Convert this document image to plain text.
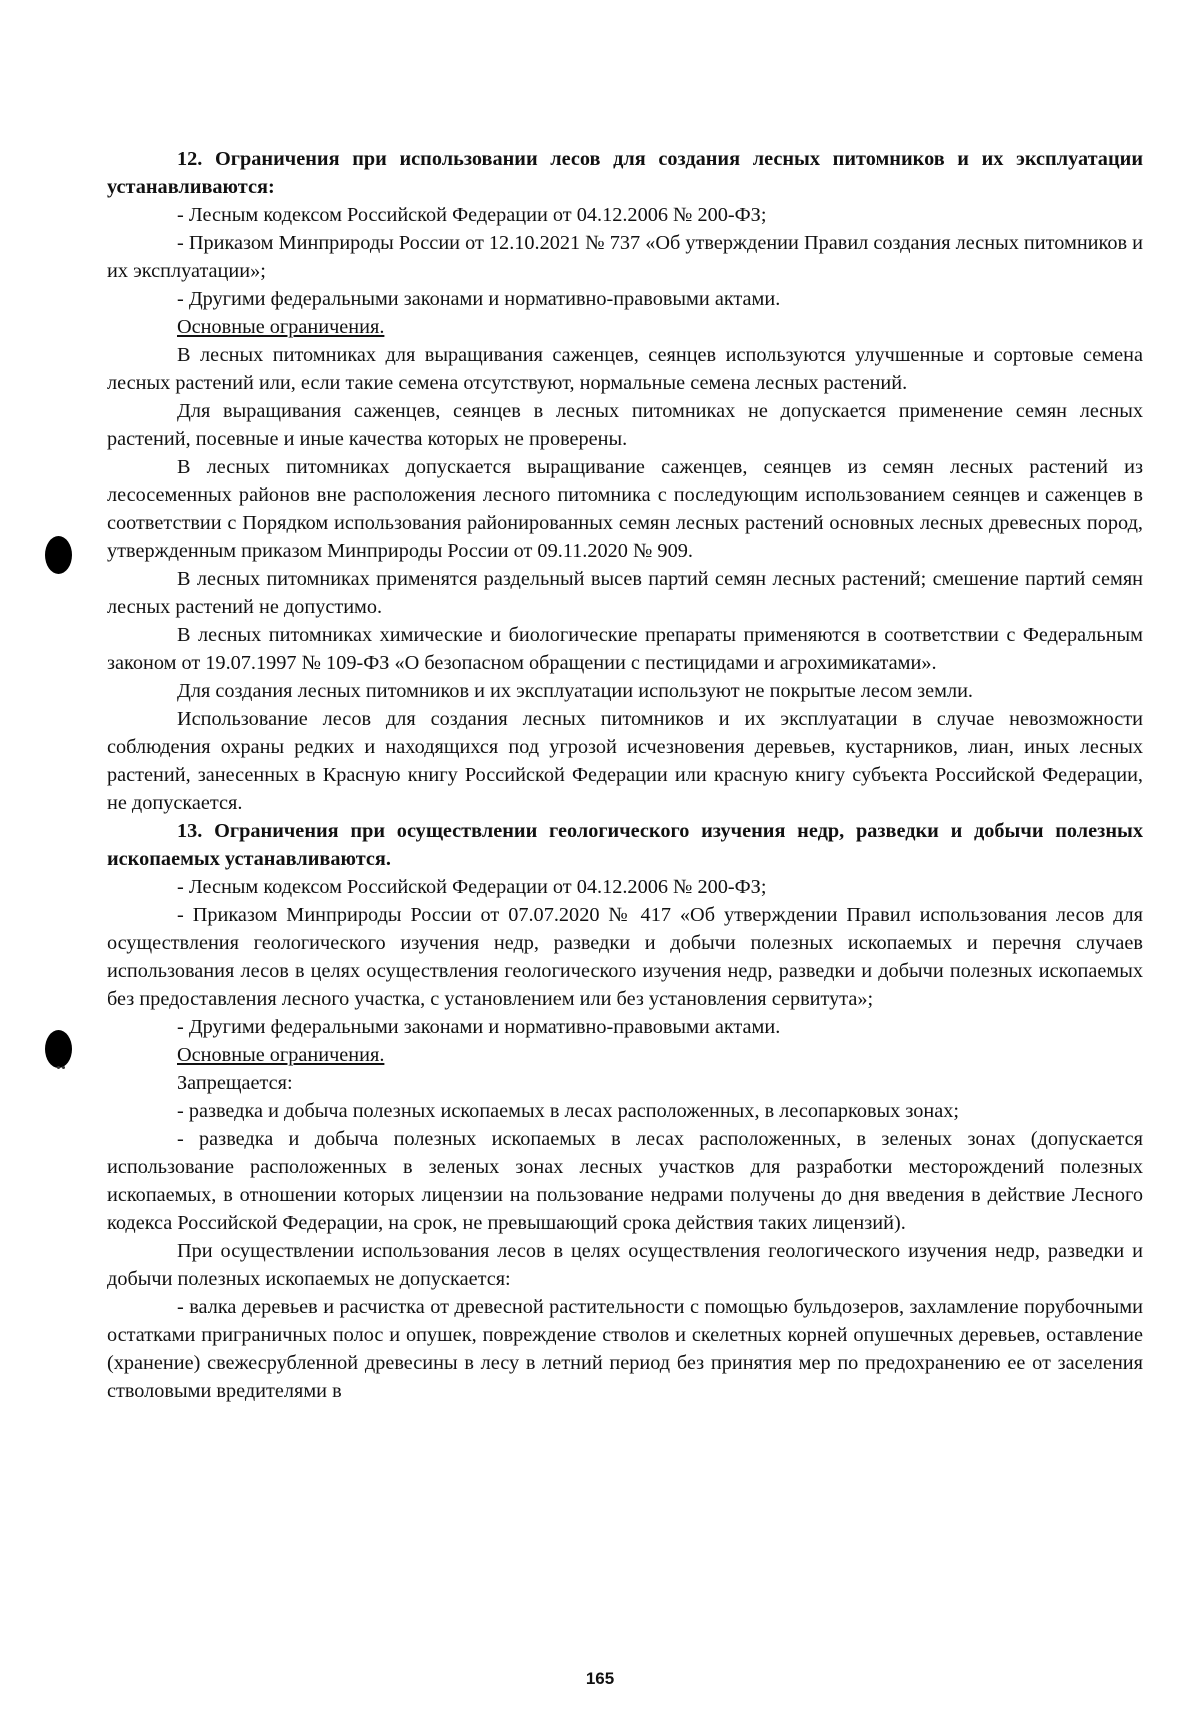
12. Ограничения при использовании лесов для создания лесных питомников и их эксплуатации устанавливаются:

- Лесным кодексом Российской Федерации от 04.12.2006 № 200-ФЗ;

- Приказом Минприроды России от 12.10.2021 № 737 «Об утверждении Правил создания лесных питомников и их эксплуатации»;

- Другими федеральными законами и нормативно-правовыми актами.

Основные ограничения.

В лесных питомниках для выращивания саженцев, сеянцев используются улучшенные и сортовые семена лесных растений или, если такие семена отсутствуют, нормальные семена лесных растений.

Для выращивания саженцев, сеянцев в лесных питомниках не допускается применение семян лесных растений, посевные и иные качества которых не проверены.

В лесных питомниках допускается выращивание саженцев, сеянцев из семян лесных растений из лесосеменных районов вне расположения лесного питомника с последующим использованием сеянцев и саженцев в соответствии с Порядком использования районированных семян лесных растений основных лесных древесных пород, утвержденным приказом Минприроды России от 09.11.2020 № 909.

В лесных питомниках применятся раздельный высев партий семян лесных растений; смешение партий семян лесных растений не допустимо.

В лесных питомниках химические и биологические препараты применяются в соответствии с Федеральным законом от 19.07.1997 № 109-ФЗ «О безопасном обращении с пестицидами и агрохимикатами».

Для создания лесных питомников и их эксплуатации используют не покрытые лесом земли.

Использование лесов для создания лесных питомников и их эксплуатации в случае невозможности соблюдения охраны редких и находящихся под угрозой исчезновения деревьев, кустарников, лиан, иных лесных растений, занесенных в Красную книгу Российской Федерации или красную книгу субъекта Российской Федерации, не допускается.

13. Ограничения при осуществлении геологического изучения недр, разведки и добычи полезных ископаемых устанавливаются.

- Лесным кодексом Российской Федерации от 04.12.2006 № 200-ФЗ;

- Приказом Минприроды России от 07.07.2020 № 417 «Об утверждении Правил использования лесов для осуществления геологического изучения недр, разведки и добычи полезных ископаемых и перечня случаев использования лесов в целях осуществления геологического изучения недр, разведки и добычи полезных ископаемых без предоставления лесного участка, с установлением или без установления сервитута»;

- Другими федеральными законами и нормативно-правовыми актами.

Основные ограничения.

Запрещается:

- разведка и добыча полезных ископаемых в лесах расположенных, в лесопарковых зонах;

- разведка и добыча полезных ископаемых в лесах расположенных, в зеленых зонах (допускается использование расположенных в зеленых зонах лесных участков для разработки месторождений полезных ископаемых, в отношении которых лицензии на пользование недрами получены до дня введения в действие Лесного кодекса Российской Федерации, на срок, не превышающий срока действия таких лицензий).

При осуществлении использования лесов в целях осуществления геологического изучения недр, разведки и добычи полезных ископаемых не допускается:

- валка деревьев и расчистка от древесной растительности с помощью бульдозеров, захламление порубочными остатками приграничных полос и опушек, повреждение стволов и скелетных корней опушечных деревьев, оставление (хранение) свежесрубленной древесины в лесу в летний период без принятия мер по предохранению ее от заселения стволовыми вредителями в

165
